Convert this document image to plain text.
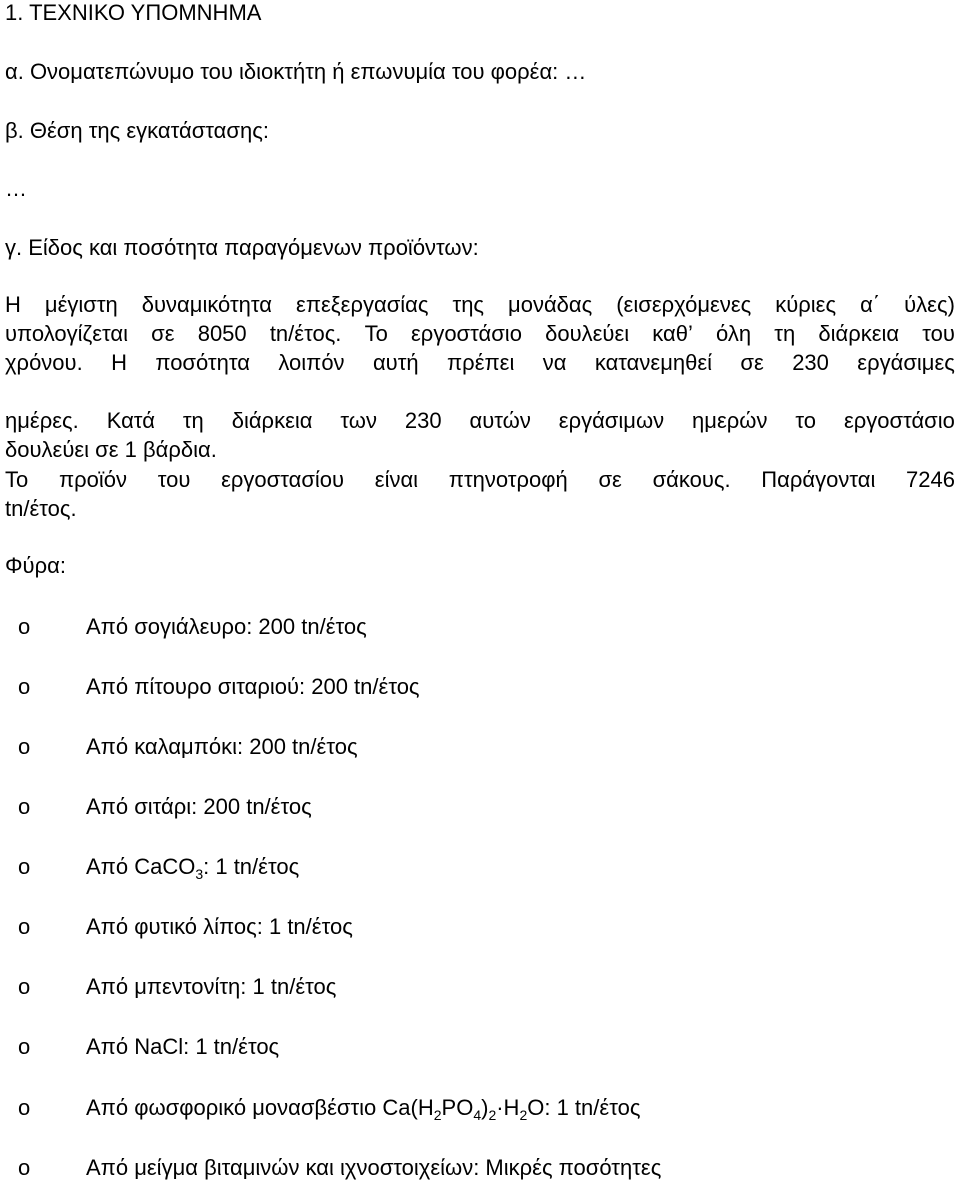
1. ΤΕΧΝΙΚΟ ΥΠΟΜΝΗΜΑ
α. Ονοματεπώνυμο του ιδιοκτήτη ή επωνυμία του φορέα: …
β. Θέση της εγκατάστασης:
…
γ. Είδος και ποσότητα παραγόμενων προϊόντων:
Η μέγιστη δυναμικότητα επεξεργασίας της μονάδας (εισερχόμενες κύριες α΄ ύλες)
υπολογίζεται σε 8050 tn/έτος. Το εργοστάσιο δουλεύει καθ’ όλη τη διάρκεια του
χρόνου. Η ποσότητα λοιπόν αυτή πρέπει να κατανεμηθεί σε 230 εργάσιμες
ημέρες. Κατά τη διάρκεια των 230 αυτών εργάσιμων ημερών το εργοστάσιο
δουλεύει σε 1 βάρδια.
Το προϊόν του εργοστασίου είναι πτηνοτροφή σε σάκους. Παράγονται 7246
tn/έτος.
Φύρα:
o	Από σογιάλευρο: 200 tn/έτος
o	Από πίτουρο σιταριού: 200 tn/έτος
o	Από καλαμπόκι: 200 tn/έτος
o	Από σιτάρι: 200 tn/έτος
o	Από CaCO$_3$: 1 tn/έτος
o	Από φυτικό λίπος: 1 tn/έτος
o	Από μπεντονίτη: 1 tn/έτος
o	Από NaCl: 1 tn/έτος
o	Από φωσφορικό μονασβέστιο $Ca(H_2PO_4)_2\cdot H_2O$: 1 tn/έτος
o	Από μείγμα βιταμινών και ιχνοστοιχείων: Μικρές ποσότητες
